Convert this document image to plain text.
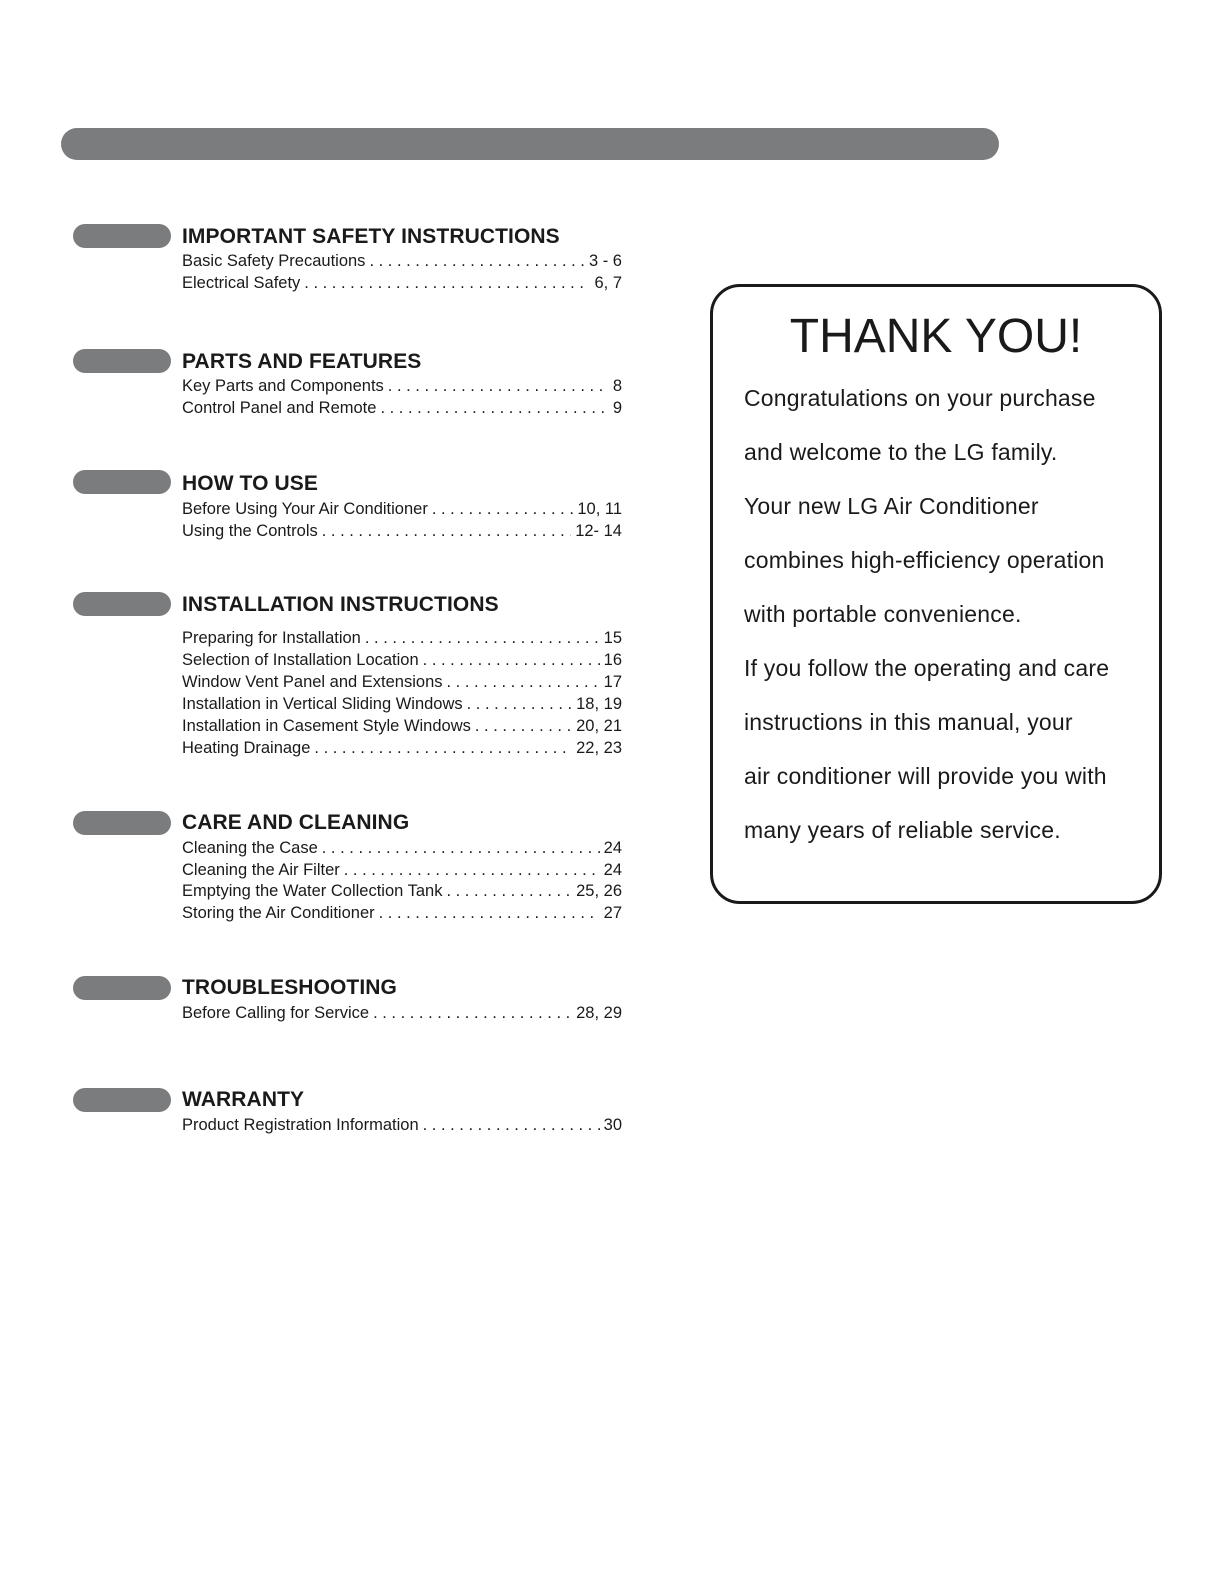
IMPORTANT SAFETY INSTRUCTIONS
Basic Safety Precautions . . .	3 - 6
Electrical Safety . . .	6, 7
PARTS AND FEATURES
Key Parts and Components . . .	8
Control Panel and Remote . . .	9
HOW TO USE
Before Using Your Air Conditioner . . .	10, 11
Using the Controls . . .	12- 14
INSTALLATION INSTRUCTIONS
Preparing for Installation . . .	15
Selection of Installation Location . . .	16
Window Vent Panel and Extensions . . .	17
Installation in Vertical Sliding Windows . . .	18, 19
Installation in Casement Style Windows . . .	20, 21
Heating Drainage . . .	22, 23
CARE AND CLEANING
Cleaning the Case . . .	24
Cleaning the Air Filter . . .	24
Emptying the Water Collection Tank . . .	25, 26
Storing the Air Conditioner . . .	27
TROUBLESHOOTING
Before Calling for Service . . .	28, 29
WARRANTY
Product Registration Information . . .	30
THANK YOU!
Congratulations on your purchase
and welcome to the LG family.
Your new LG Air Conditioner
combines high-efficiency operation
with portable convenience.
If you follow the operating and care
instructions in this manual, your
air conditioner will provide you with
many years of reliable service.
